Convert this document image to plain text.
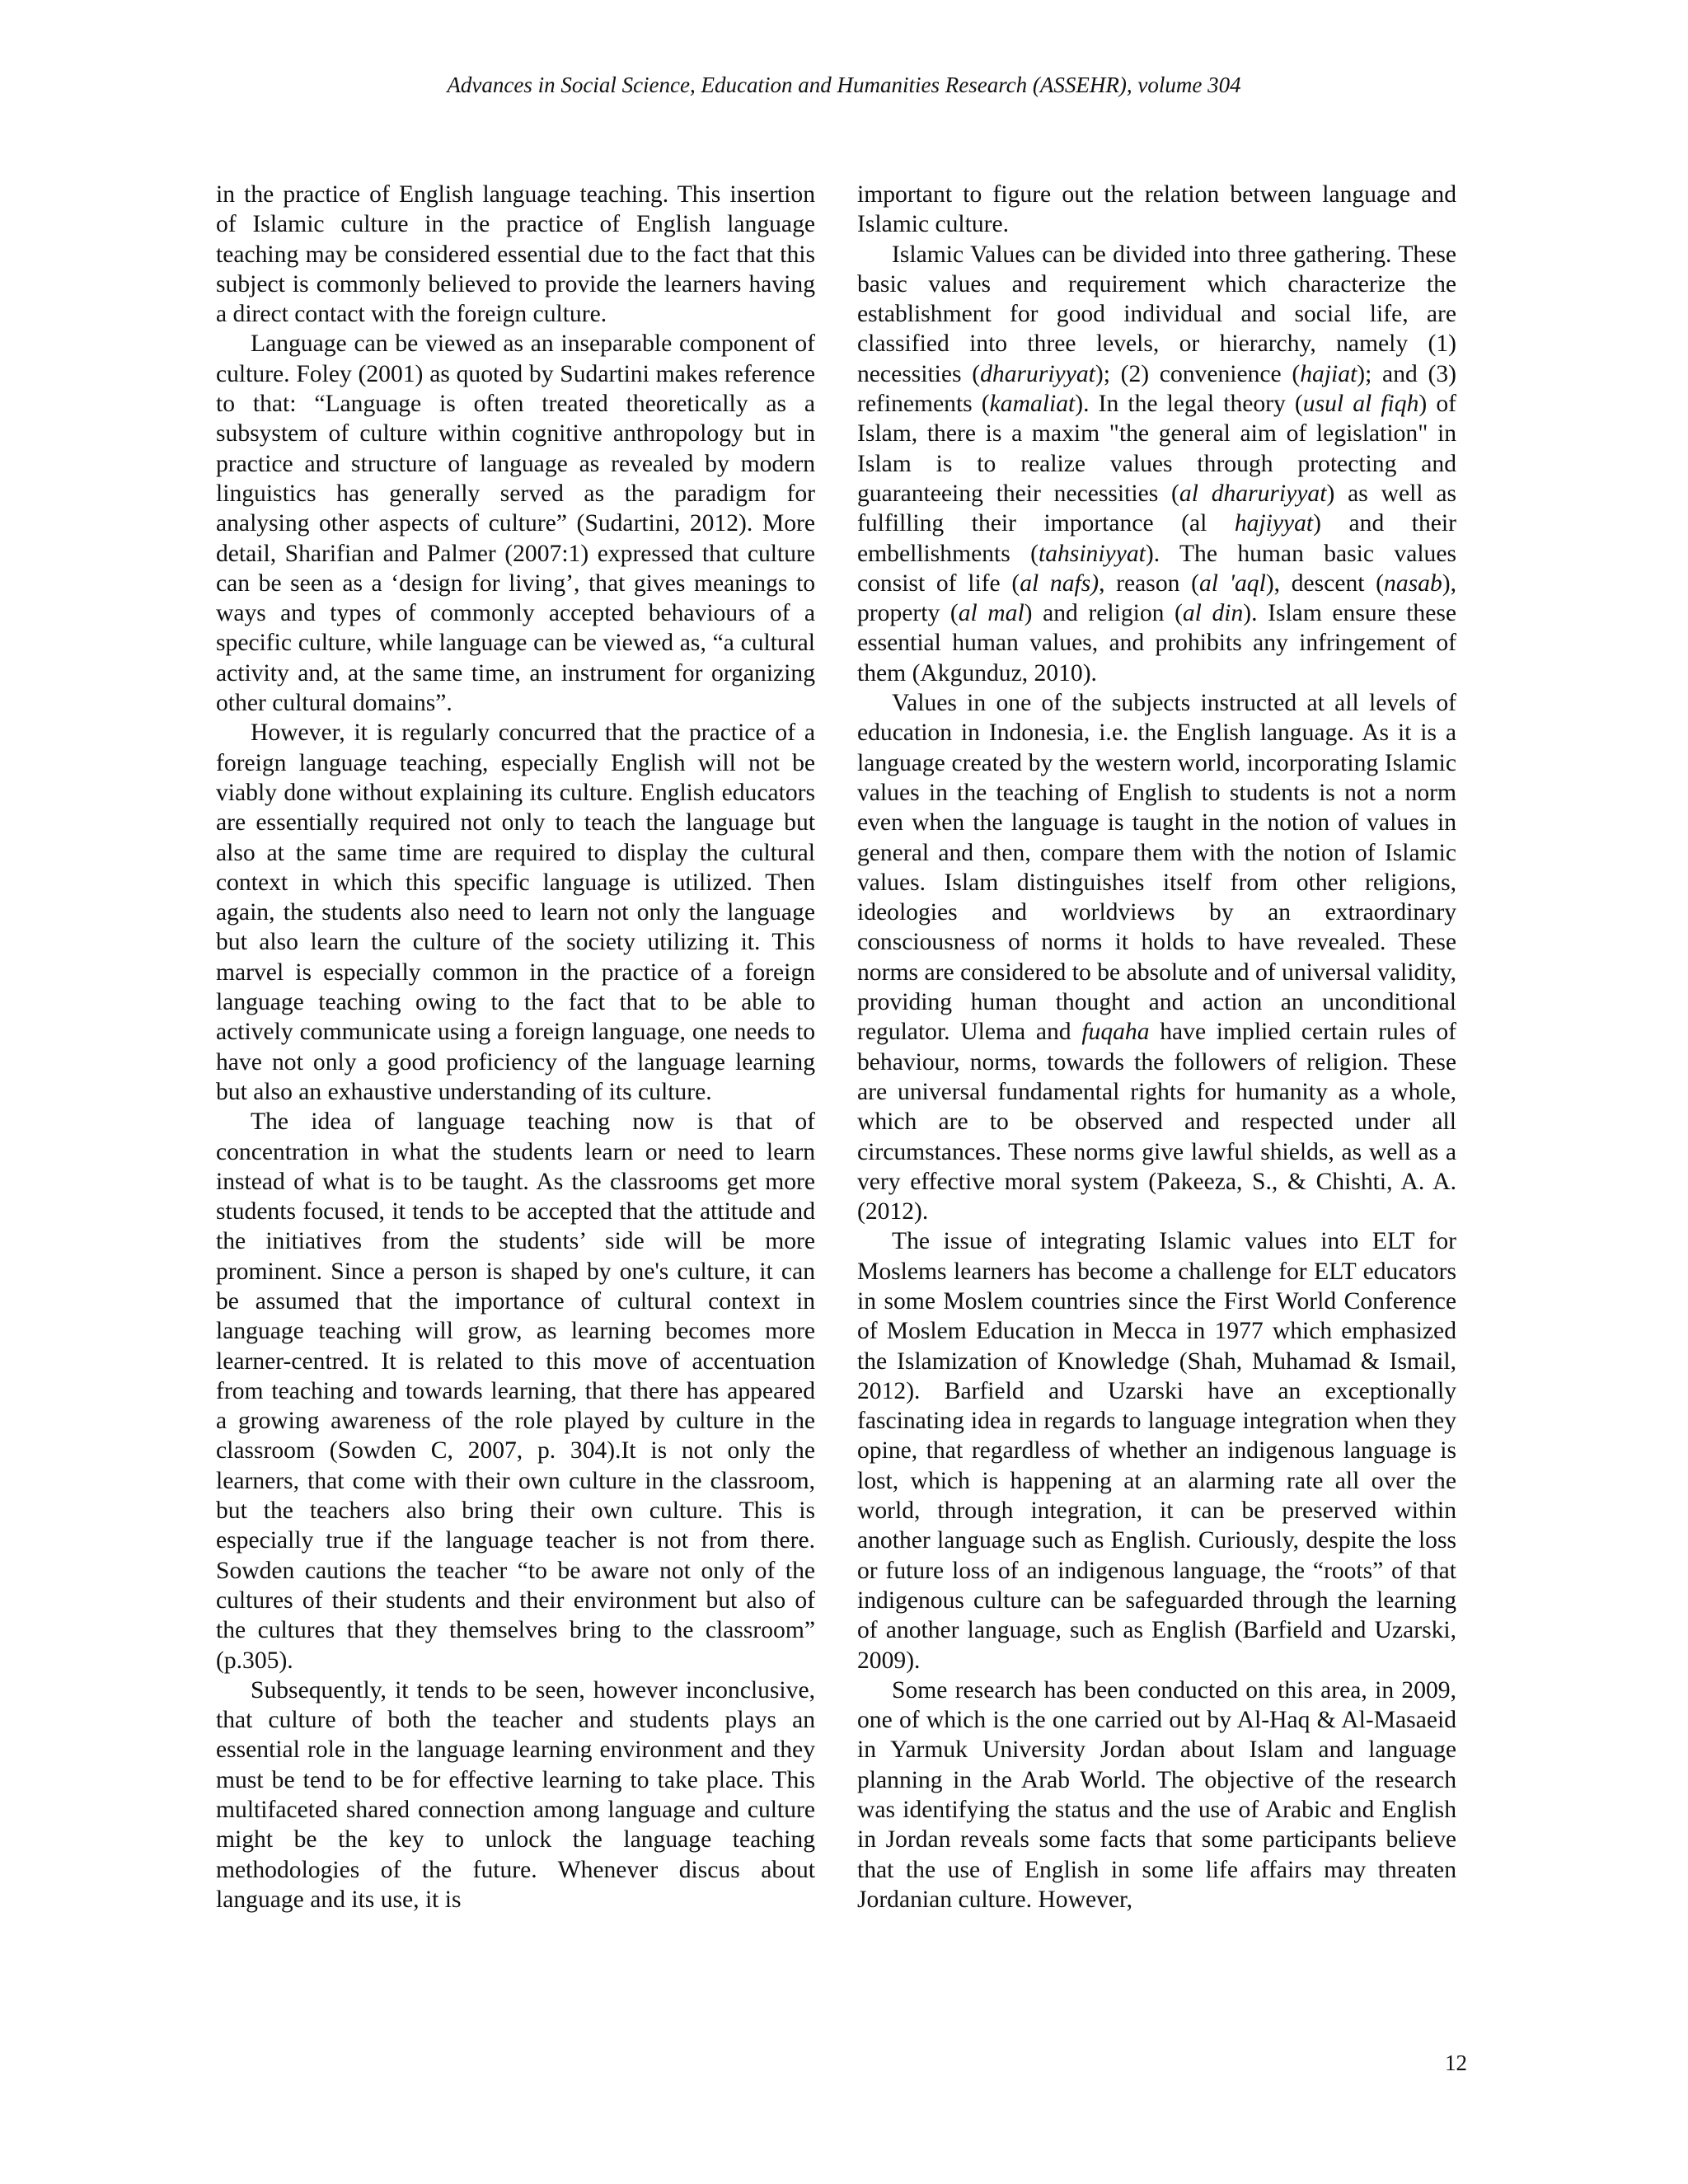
Advances in Social Science, Education and Humanities Research (ASSEHR), volume 304

in the practice of English language teaching. This insertion of Islamic culture in the practice of English language teaching may be considered essential due to the fact that this subject is commonly believed to provide the learners having a direct contact with the foreign culture.

Language can be viewed as an inseparable component of culture. Foley (2001) as quoted by Sudartini makes reference to that: “Language is often treated theoretically as a subsystem of culture within cognitive anthropology but in practice and structure of language as revealed by modern linguistics has generally served as the paradigm for analysing other aspects of culture” (Sudartini, 2012). More detail, Sharifian and Palmer (2007:1) expressed that culture can be seen as a ‘design for living’, that gives meanings to ways and types of commonly accepted behaviours of a specific culture, while language can be viewed as, “a cultural activity and, at the same time, an instrument for organizing other cultural domains”.

However, it is regularly concurred that the practice of a foreign language teaching, especially English will not be viably done without explaining its culture. English educators are essentially required not only to teach the language but also at the same time are required to display the cultural context in which this specific language is utilized. Then again, the students also need to learn not only the language but also learn the culture of the society utilizing it. This marvel is especially common in the practice of a foreign language teaching owing to the fact that to be able to actively communicate using a foreign language, one needs to have not only a good proficiency of the language learning but also an exhaustive understanding of its culture.

The idea of language teaching now is that of concentration in what the students learn or need to learn instead of what is to be taught. As the classrooms get more students focused, it tends to be accepted that the attitude and the initiatives from the students’ side will be more prominent. Since a person is shaped by one's culture, it can be assumed that the importance of cultural context in language teaching will grow, as learning becomes more learner-centred. It is related to this move of accentuation from teaching and towards learning, that there has appeared a growing awareness of the role played by culture in the classroom (Sowden C, 2007, p. 304).It is not only the learners, that come with their own culture in the classroom, but the teachers also bring their own culture. This is especially true if the language teacher is not from there. Sowden cautions the teacher “to be aware not only of the cultures of their students and their environment but also of the cultures that they themselves bring to the classroom” (p.305).

Subsequently, it tends to be seen, however inconclusive, that culture of both the teacher and students plays an essential role in the language learning environment and they must be tend to be for effective learning to take place. This multifaceted shared connection among language and culture might be the key to unlock the language teaching methodologies of the future. Whenever discus about language and its use, it is

important to figure out the relation between language and Islamic culture.

Islamic Values can be divided into three gathering. These basic values and requirement which characterize the establishment for good individual and social life, are classified into three levels, or hierarchy, namely (1) necessities (dharuriyyat); (2) convenience (hajiat); and (3) refinements (kamaliat). In the legal theory (usul al fiqh) of Islam, there is a maxim "the general aim of legislation" in Islam is to realize values through protecting and guaranteeing their necessities (al dharuriyyat) as well as fulfilling their importance (al hajiyyat) and their embellishments (tahsiniyyat). The human basic values consist of life (al nafs), reason (al 'aql), descent (nasab), property (al mal) and religion (al din). Islam ensure these essential human values, and prohibits any infringement of them (Akgunduz, 2010).

Values in one of the subjects instructed at all levels of education in Indonesia, i.e. the English language. As it is a language created by the western world, incorporating Islamic values in the teaching of English to students is not a norm even when the language is taught in the notion of values in general and then, compare them with the notion of Islamic values. Islam distinguishes itself from other religions, ideologies and worldviews by an extraordinary consciousness of norms it holds to have revealed. These norms are considered to be absolute and of universal validity, providing human thought and action an unconditional regulator. Ulema and fuqaha have implied certain rules of behaviour, norms, towards the followers of religion. These are universal fundamental rights for humanity as a whole, which are to be observed and respected under all circumstances. These norms give lawful shields, as well as a very effective moral system (Pakeeza, S., & Chishti, A. A. (2012).

The issue of integrating Islamic values into ELT for Moslems learners has become a challenge for ELT educators in some Moslem countries since the First World Conference of Moslem Education in Mecca in 1977 which emphasized the Islamization of Knowledge (Shah, Muhamad & Ismail, 2012). Barfield and Uzarski have an exceptionally fascinating idea in regards to language integration when they opine, that regardless of whether an indigenous language is lost, which is happening at an alarming rate all over the world, through integration, it can be preserved within another language such as English. Curiously, despite the loss or future loss of an indigenous language, the “roots” of that indigenous culture can be safeguarded through the learning of another language, such as English (Barfield and Uzarski, 2009).

Some research has been conducted on this area, in 2009, one of which is the one carried out by Al-Haq & Al-Masaeid in Yarmuk University Jordan about Islam and language planning in the Arab World. The objective of the research was identifying the status and the use of Arabic and English in Jordan reveals some facts that some participants believe that the use of English in some life affairs may threaten Jordanian culture. However,

12
